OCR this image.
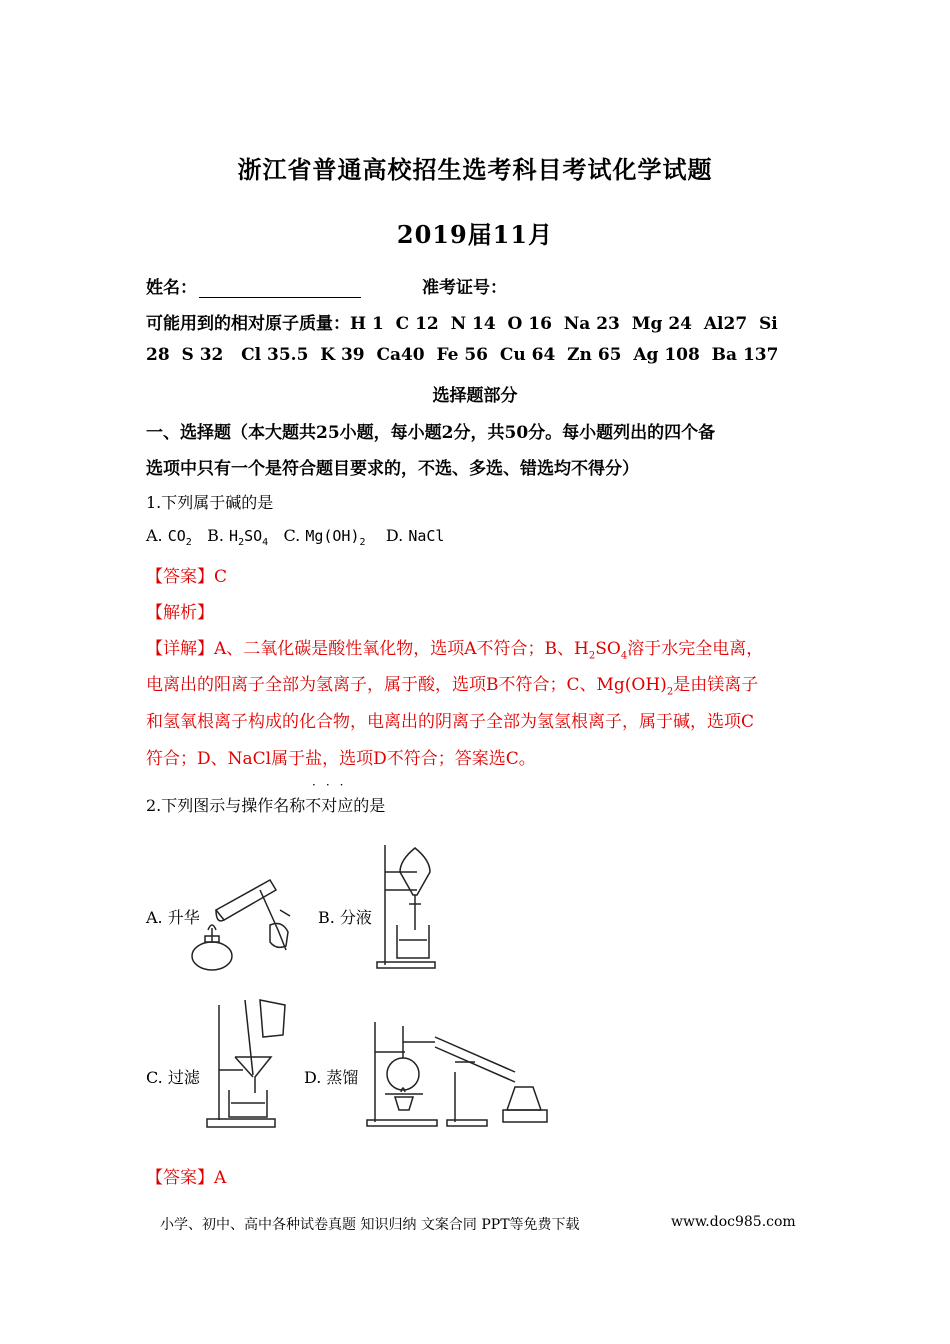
浙江省普通高校招生选考科目考试化学试题
2019届11月
姓名：	准考证号：
可能用到的相对原子质量：H 1  C 12  N 14  O 16  Na 23  Mg 24  Al27  Si
28  S 32   Cl 35.5  K 39  Ca40  Fe 56  Cu 64  Zn 65  Ag 108  Ba 137
选择题部分
一、选择题（本大题共25小题，每小题2分，共50分。每小题列出的四个备
选项中只有一个是符合题目要求的，不选、多选、错选均不得分）
1.下列属于碱的是
A. $CO_2$ B. $H_2SO_4$ C. $Mg(OH)_2$ D. NaCl
【答案】C
【解析】
【详解】A、二氧化碳是酸性氧化物，选项A不符合；B、$H_2SO_4$溶于水完全电离，
电离出的阳离子全部为氢离子，属于酸，选项B不符合；C、$Mg(OH)_2$是由镁离子
和氢氧根离子构成的化合物，电离出的阴离子全部为氢氢根离子，属于碱，选项C
符合；D、NaCl属于盐，选项D不符合；答案选C。
···
2.下列图示与操作名称不对应的是
A. 升华	B. 分液
C. 过滤	D. 蒸馏
【答案】A
小学、初中、高中各种试卷真题 知识归纳 文案合同 PPT等免费下载	www.doc985.com
